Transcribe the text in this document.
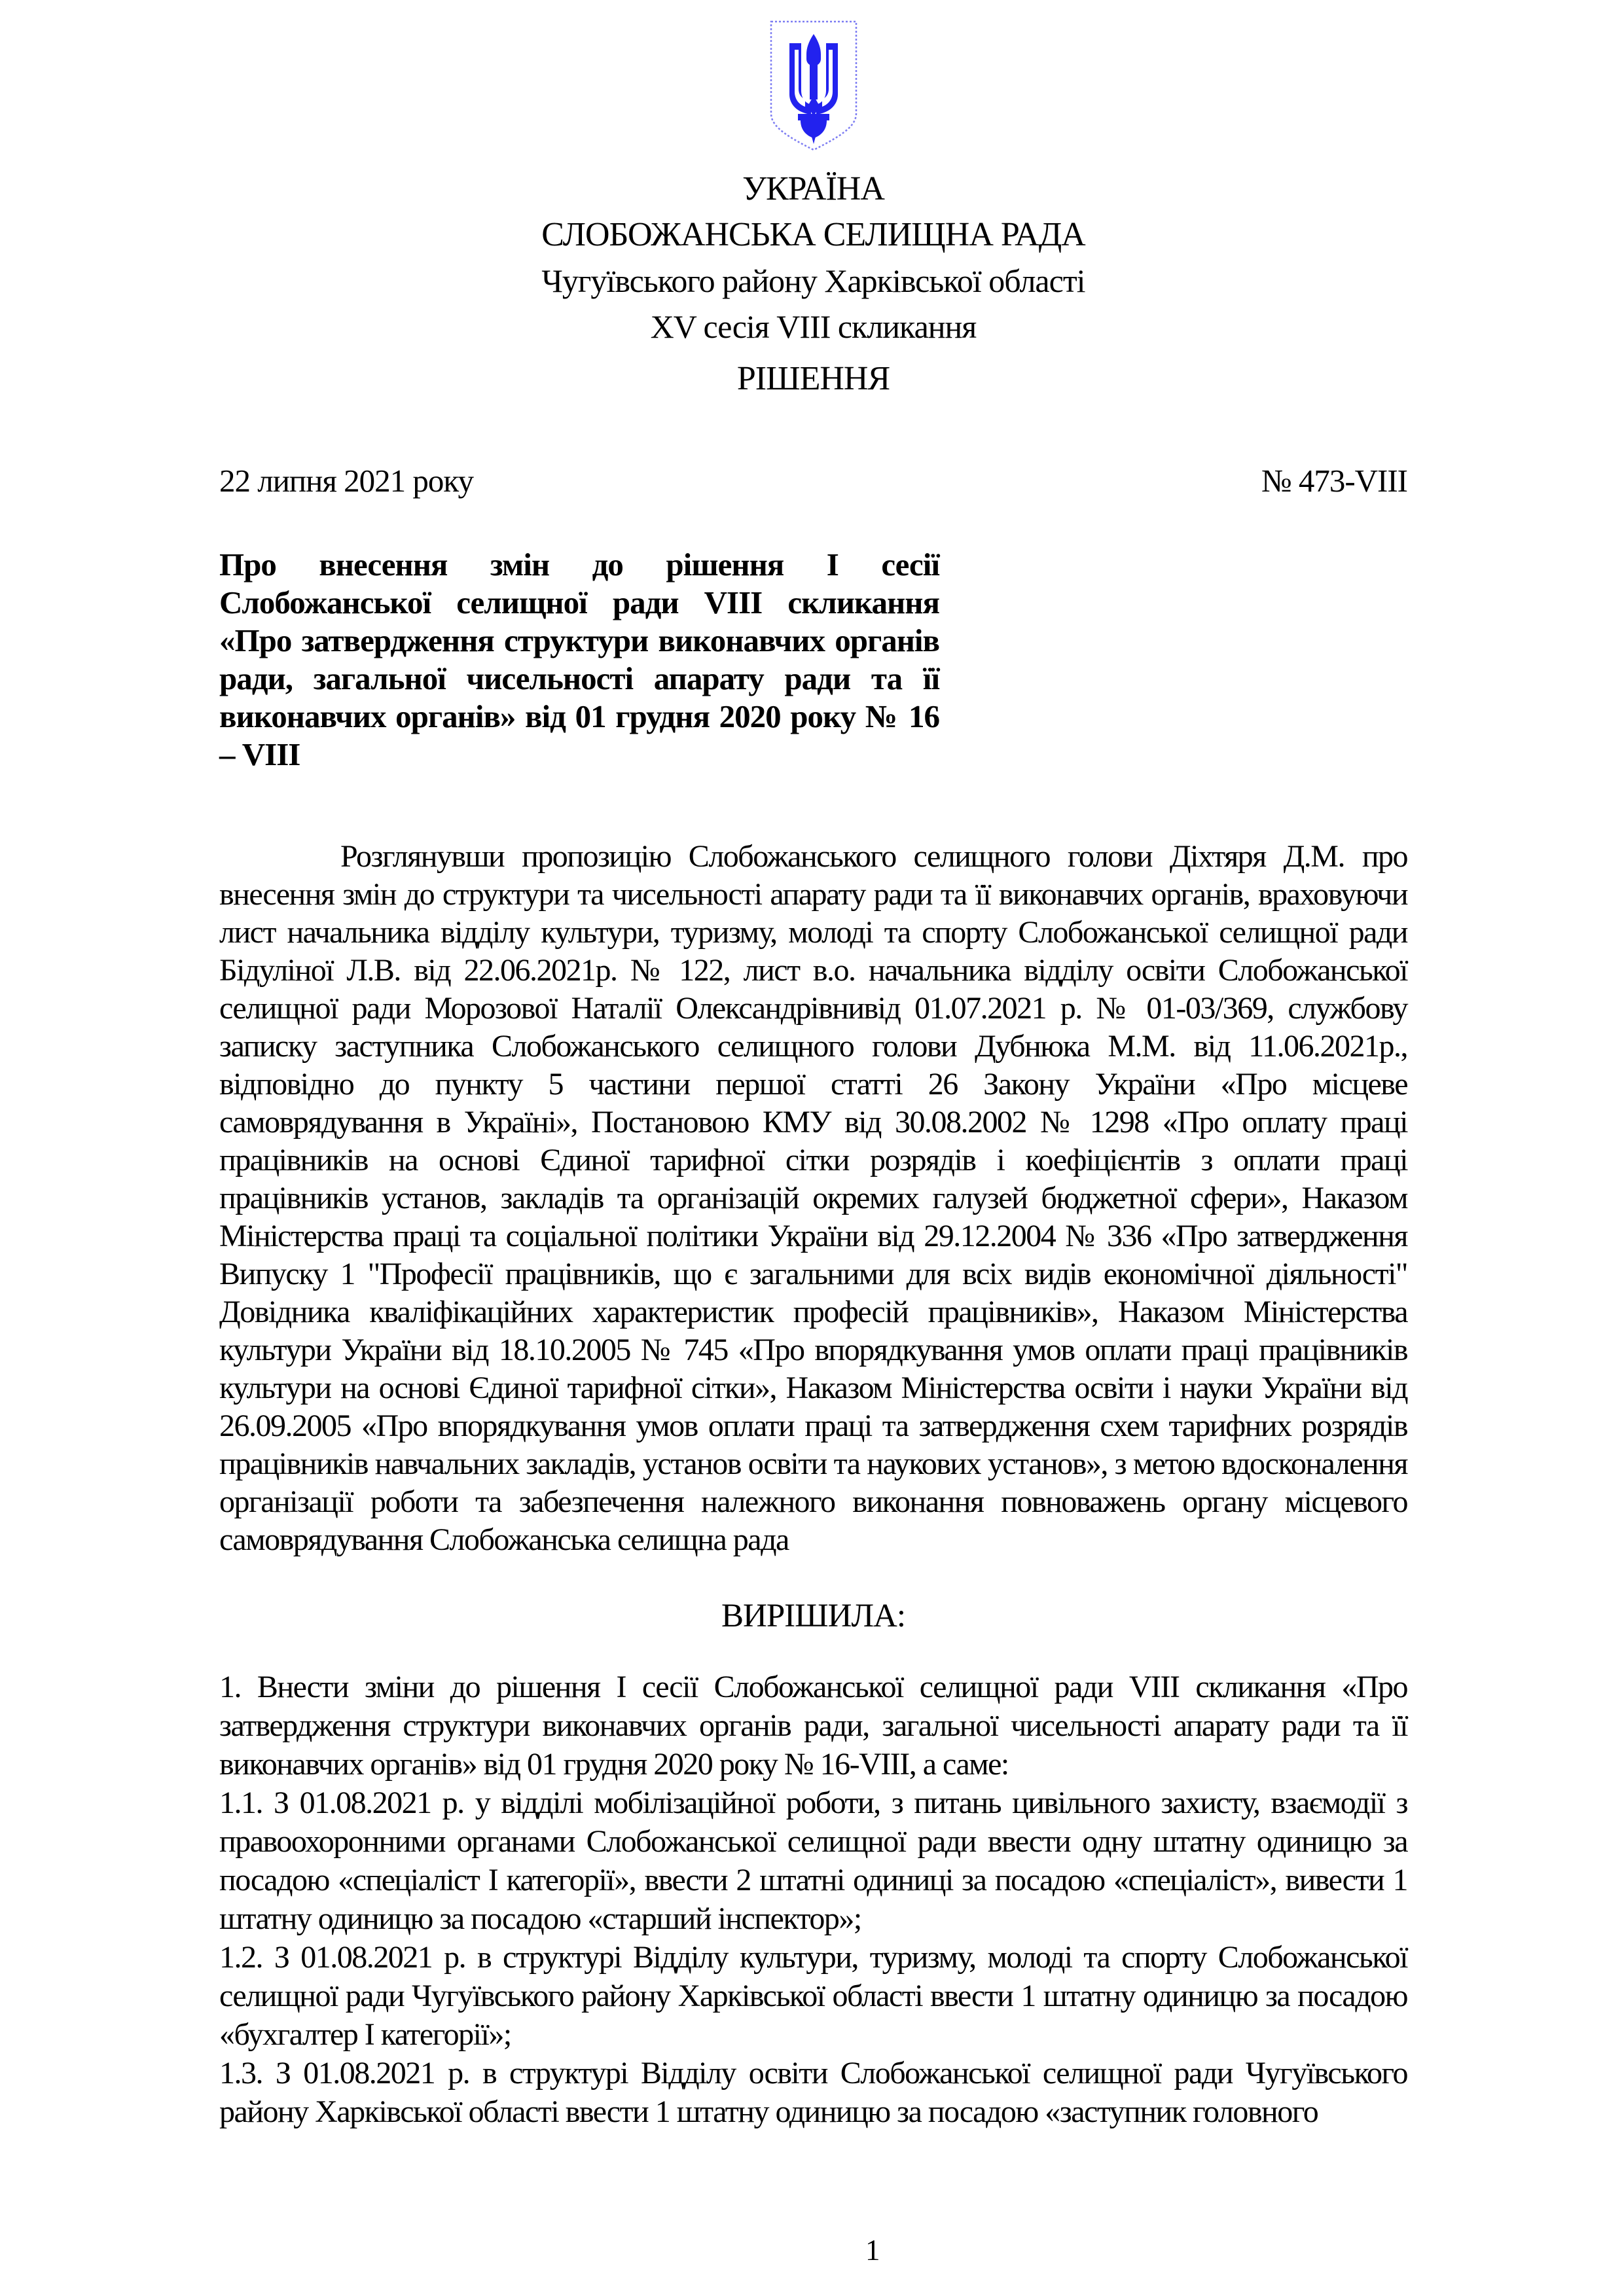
УКРАЇНА
СЛОБОЖАНСЬКА СЕЛИЩНА РАДА
Чугуївського району Харківської області
XV сесія VIII скликання
РІШЕННЯ
22 липня 2021 року	№ 473-VIII
Про внесення змін до рішення І сесії Слобожанської селищної ради VIII скликання «Про затвердження структури виконавчих органів ради, загальної чисельності апарату ради та її виконавчих органів» від 01 грудня 2020 року № 16 – VIII

Розглянувши пропозицію Слобожанського селищного голови Діхтяря Д.М. про внесення змін до структури та чисельності апарату ради та її виконавчих органів, враховуючи лист начальника відділу культури, туризму, молоді та спорту Слобожанської селищної ради Бідуліної Л.В. від 22.06.2021р. № 122, лист в.о. начальника відділу освіти Слобожанської селищної ради Морозової Наталії Олександрівнивід 01.07.2021 р. № 01-03/369, службову записку заступника Слобожанського селищного голови Дубнюка М.М. від 11.06.2021р., відповідно до пункту 5 частини першої статті 26 Закону України «Про місцеве самоврядування в Україні», Постановою КМУ від 30.08.2002 № 1298 «Про оплату праці працівників на основі Єдиної тарифної сітки розрядів і коефіцієнтів з оплати праці працівників установ, закладів та організацій окремих галузей бюджетної сфери», Наказом Міністерства праці та соціальної політики України від 29.12.2004 № 336 «Про затвердження Випуску 1 "Професії працівників, що є загальними для всіх видів економічної діяльності" Довідника кваліфікаційних характеристик професій працівників», Наказом Міністерства культури України від 18.10.2005 № 745 «Про впорядкування умов оплати праці працівників культури на основі Єдиної тарифної сітки», Наказом Міністерства освіти і науки України від 26.09.2005 «Про впорядкування умов оплати праці та затвердження схем тарифних розрядів працівників навчальних закладів, установ освіти та наукових установ», з метою вдосконалення організації роботи та забезпечення належного виконання повноважень органу місцевого самоврядування Слобожанська селищна рада

ВИРІШИЛА:

1. Внести зміни до рішення І сесії Слобожанської селищної ради VIII скликання «Про затвердження структури виконавчих органів ради, загальної чисельності апарату ради та її виконавчих органів» від 01 грудня 2020 року № 16-VIII, а саме:

1.1. З 01.08.2021 р. у відділі мобілізаційної роботи, з питань цивільного захисту, взаємодії з правоохоронними органами Слобожанської селищної ради ввести одну штатну одиницю за посадою «спеціаліст І категорії», ввести 2 штатні одиниці за посадою «спеціаліст», вивести 1 штатну одиницю за посадою «старший інспектор»;

1.2. З 01.08.2021 р. в структурі Відділу культури, туризму, молоді та спорту Слобожанської селищної ради Чугуївського району Харківської області ввести 1 штатну одиницю за посадою «бухгалтер І категорії»;

1.3. З 01.08.2021 р. в структурі Відділу освіти Слобожанської селищної ради Чугуївського району Харківської області ввести 1 штатну одиницю за посадою «заступник головного

1
